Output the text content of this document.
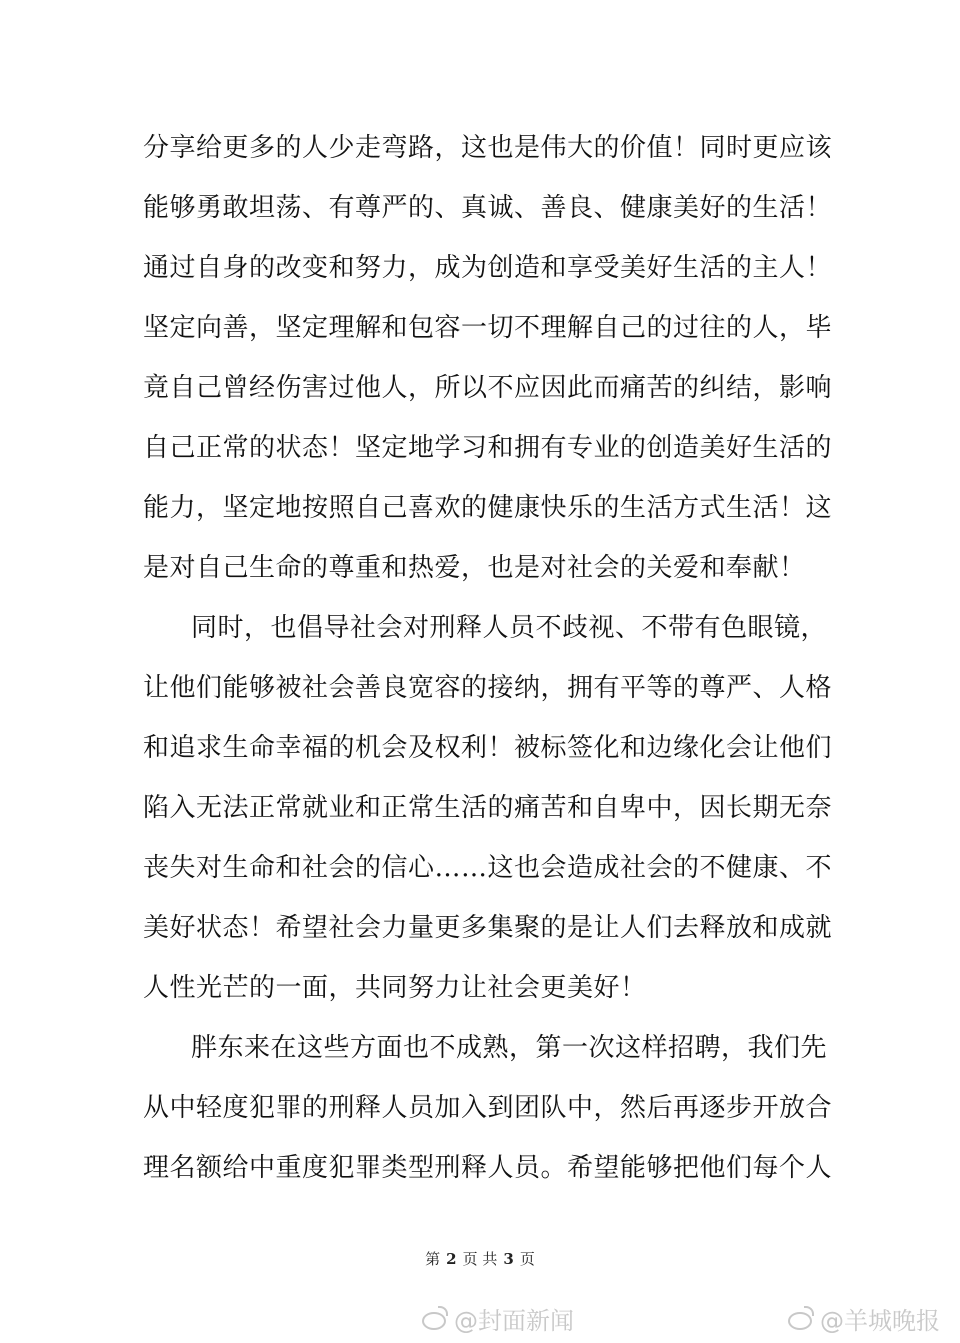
分享给更多的人少走弯路，这也是伟大的价值！同时更应该
能够勇敢坦荡、有尊严的、真诚、善良、健康美好的生活！
通过自身的改变和努力，成为创造和享受美好生活的主人！
坚定向善，坚定理解和包容一切不理解自己的过往的人，毕
竟自己曾经伤害过他人，所以不应因此而痛苦的纠结，影响
自己正常的状态！坚定地学习和拥有专业的创造美好生活的
能力，坚定地按照自己喜欢的健康快乐的生活方式生活！这
是对自己生命的尊重和热爱，也是对社会的关爱和奉献！
同时，也倡导社会对刑释人员不歧视、不带有色眼镜，
让他们能够被社会善良宽容的接纳，拥有平等的尊严、人格
和追求生命幸福的机会及权利！被标签化和边缘化会让他们
陷入无法正常就业和正常生活的痛苦和自卑中，因长期无奈
丧失对生命和社会的信心……这也会造成社会的不健康、不
美好状态！希望社会力量更多集聚的是让人们去释放和成就
人性光芒的一面，共同努力让社会更美好！
胖东来在这些方面也不成熟，第一次这样招聘，我们先
从中轻度犯罪的刑释人员加入到团队中，然后再逐步开放合
理名额给中重度犯罪类型刑释人员。希望能够把他们每个人
第 2 页 共 3 页
@封面新闻	@羊城晚报
